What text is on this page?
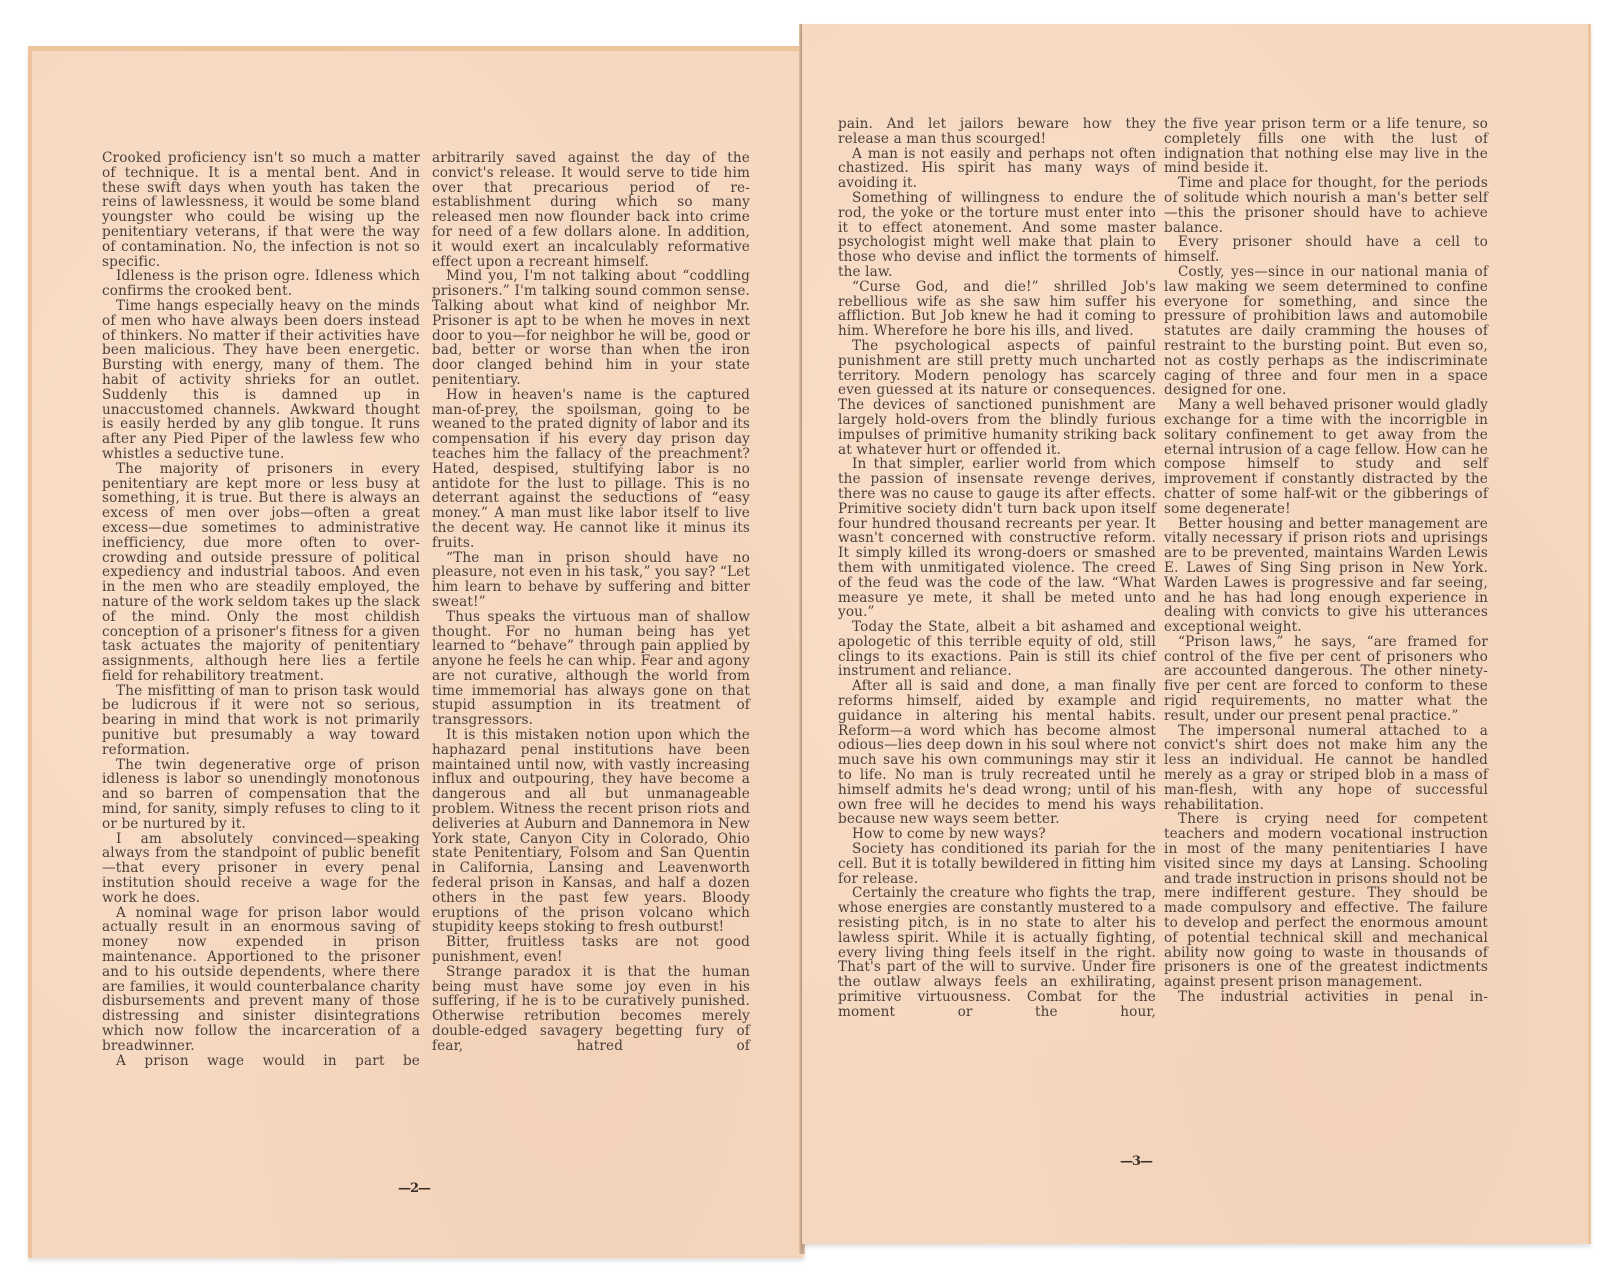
Crooked proficiency isn't so much a matter of technique. It is a mental bent. And in these swift days when youth has taken the reins of lawlessness, it would be some bland youngster who could be wising up the penitentiary veterans, if that were the way of contamination. No, the infection is not so specific.

Idleness is the prison ogre. Idleness which confirms the crooked bent.

Time hangs especially heavy on the minds of men who have always been doers instead of thinkers. No matter if their activities have been malicious. They have been energetic. Bursting with energy, many of them. The habit of activity shrieks for an outlet. Suddenly this is damned up in unaccustomed channels. Awkward thought is easily herded by any glib tongue. It runs after any Pied Piper of the lawless few who whistles a seductive tune.

The majority of prisoners in every penitentiary are kept more or less busy at something, it is true. But there is always an excess of men over jobs—often a great excess—due sometimes to administrative inefficiency, due more often to over-crowding and outside pressure of political expediency and industrial taboos. And even in the men who are steadily employed, the nature of the work seldom takes up the slack of the mind. Only the most childish conception of a prisoner's fitness for a given task actuates the majority of penitentiary assignments, although here lies a fertile field for rehabilitory treatment.

The misfitting of man to prison task would be ludicrous if it were not so serious, bearing in mind that work is not primarily punitive but presumably a way toward reformation.

The twin degenerative orge of prison idleness is labor so unendingly monotonous and so barren of compensation that the mind, for sanity, simply refuses to cling to it or be nurtured by it.

I am absolutely convinced—speaking always from the standpoint of public benefit—that every prisoner in every penal institution should receive a wage for the work he does.

A nominal wage for prison labor would actually result in an enormous saving of money now expended in prison maintenance. Apportioned to the prisoner and to his outside dependents, where there are families, it would counterbalance charity disbursements and prevent many of those distressing and sinister disintegrations which now follow the incarceration of a breadwinner.

A prison wage would in part be

arbitrarily saved against the day of the convict's release. It would serve to tide him over that precarious period of re-establishment during which so many released men now flounder back into crime for need of a few dollars alone. In addition, it would exert an incalculably reformative effect upon a recreant himself.

Mind you, I'm not talking about “coddling prisoners.” I'm talking sound common sense. Talking about what kind of neighbor Mr. Prisoner is apt to be when he moves in next door to you—for neighbor he will be, good or bad, better or worse than when the iron door clanged behind him in your state penitentiary.

How in heaven's name is the captured man-of-prey, the spoilsman, going to be weaned to the prated dignity of labor and its compensation if his every day prison day teaches him the fallacy of the preachment? Hated, despised, stultifying labor is no antidote for the lust to pillage. This is no deterrant against the seductions of “easy money.” A man must like labor itself to live the decent way. He cannot like it minus its fruits.

“The man in prison should have no pleasure, not even in his task,” you say? “Let him learn to behave by suffering and bitter sweat!”

Thus speaks the virtuous man of shallow thought. For no human being has yet learned to “behave” through pain applied by anyone he feels he can whip. Fear and agony are not curative, although the world from time immemorial has always gone on that stupid assumption in its treatment of transgressors.

It is this mistaken notion upon which the haphazard penal institutions have been maintained until now, with vastly increasing influx and outpouring, they have become a dangerous and all but unmanageable problem. Witness the recent prison riots and deliveries at Auburn and Dannemora in New York state, Canyon City in Colorado, Ohio state Penitentiary, Folsom and San Quentin in California, Lansing and Leavenworth federal prison in Kansas, and half a dozen others in the past few years. Bloody eruptions of the prison volcano which stupidity keeps stoking to fresh outburst!

Bitter, fruitless tasks are not good punishment, even!

Strange paradox it is that the human being must have some joy even in his suffering, if he is to be curatively punished. Otherwise retribution becomes merely double-edged savagery begetting fury of fear, hatred of

—2—

pain. And let jailors beware how they release a man thus scourged!

A man is not easily and perhaps not often chastized. His spirit has many ways of avoiding it.

Something of willingness to endure the rod, the yoke or the torture must enter into it to effect atonement. And some master psychologist might well make that plain to those who devise and inflict the torments of the law.

“Curse God, and die!” shrilled Job's rebellious wife as she saw him suffer his affliction. But Job knew he had it coming to him. Wherefore he bore his ills, and lived.

The psychological aspects of painful punishment are still pretty much uncharted territory. Modern penology has scarcely even guessed at its nature or consequences. The devices of sanctioned punishment are largely hold-overs from the blindly furious impulses of primitive humanity striking back at whatever hurt or offended it.

In that simpler, earlier world from which the passion of insensate revenge derives, there was no cause to gauge its after effects. Primitive society didn't turn back upon itself four hundred thousand recreants per year. It wasn't concerned with constructive reform. It simply killed its wrong-doers or smashed them with unmitigated violence. The creed of the feud was the code of the law. “What measure ye mete, it shall be meted unto you.”

Today the State, albeit a bit ashamed and apologetic of this terrible equity of old, still clings to its exactions. Pain is still its chief instrument and reliance.

After all is said and done, a man finally reforms himself, aided by example and guidance in altering his mental habits. Reform—a word which has become almost odious—lies deep down in his soul where not much save his own communings may stir it to life. No man is truly recreated until he himself admits he's dead wrong; until of his own free will he decides to mend his ways because new ways seem better.

How to come by new ways?

Society has conditioned its pariah for the cell. But it is totally bewildered in fitting him for release.

Certainly the creature who fights the trap, whose energies are constantly mustered to a resisting pitch, is in no state to alter his lawless spirit. While it is actually fighting, every living thing feels itself in the right. That's part of the will to survive. Under fire the outlaw always feels an exhilirating, primitive virtuousness. Combat for the moment or the hour,

the five year prison term or a life tenure, so completely fills one with the lust of indignation that nothing else may live in the mind beside it.

Time and place for thought, for the periods of solitude which nourish a man's better self—this the prisoner should have to achieve balance.

Every prisoner should have a cell to himself.

Costly, yes—since in our national mania of law making we seem determined to confine everyone for something, and since the pressure of prohibition laws and automobile statutes are daily cramming the houses of restraint to the bursting point. But even so, not as costly perhaps as the indiscriminate caging of three and four men in a space designed for one.

Many a well behaved prisoner would gladly exchange for a time with the incorrigble in solitary confinement to get away from the eternal intrusion of a cage fellow. How can he compose himself to study and self improvement if constantly distracted by the chatter of some half-wit or the gibberings of some degenerate!

Better housing and better management are vitally necessary if prison riots and uprisings are to be prevented, maintains Warden Lewis E. Lawes of Sing Sing prison in New York. Warden Lawes is progressive and far seeing, and he has had long enough experience in dealing with convicts to give his utterances exceptional weight.

“Prison laws,” he says, “are framed for control of the five per cent of prisoners who are accounted dangerous. The other ninety-five per cent are forced to conform to these rigid requirements, no matter what the result, under our present penal practice.”

The impersonal numeral attached to a convict's shirt does not make him any the less an individual. He cannot be handled merely as a gray or striped blob in a mass of man-flesh, with any hope of successful rehabilitation.

There is crying need for competent teachers and modern vocational instruction in most of the many penitentiaries I have visited since my days at Lansing. Schooling and trade instruction in prisons should not be mere indifferent gesture. They should be made compulsory and effective. The failure to develop and perfect the enormous amount of potential technical skill and mechanical ability now going to waste in thousands of prisoners is one of the greatest indictments against present prison management.

The industrial activities in penal in-

—3—
